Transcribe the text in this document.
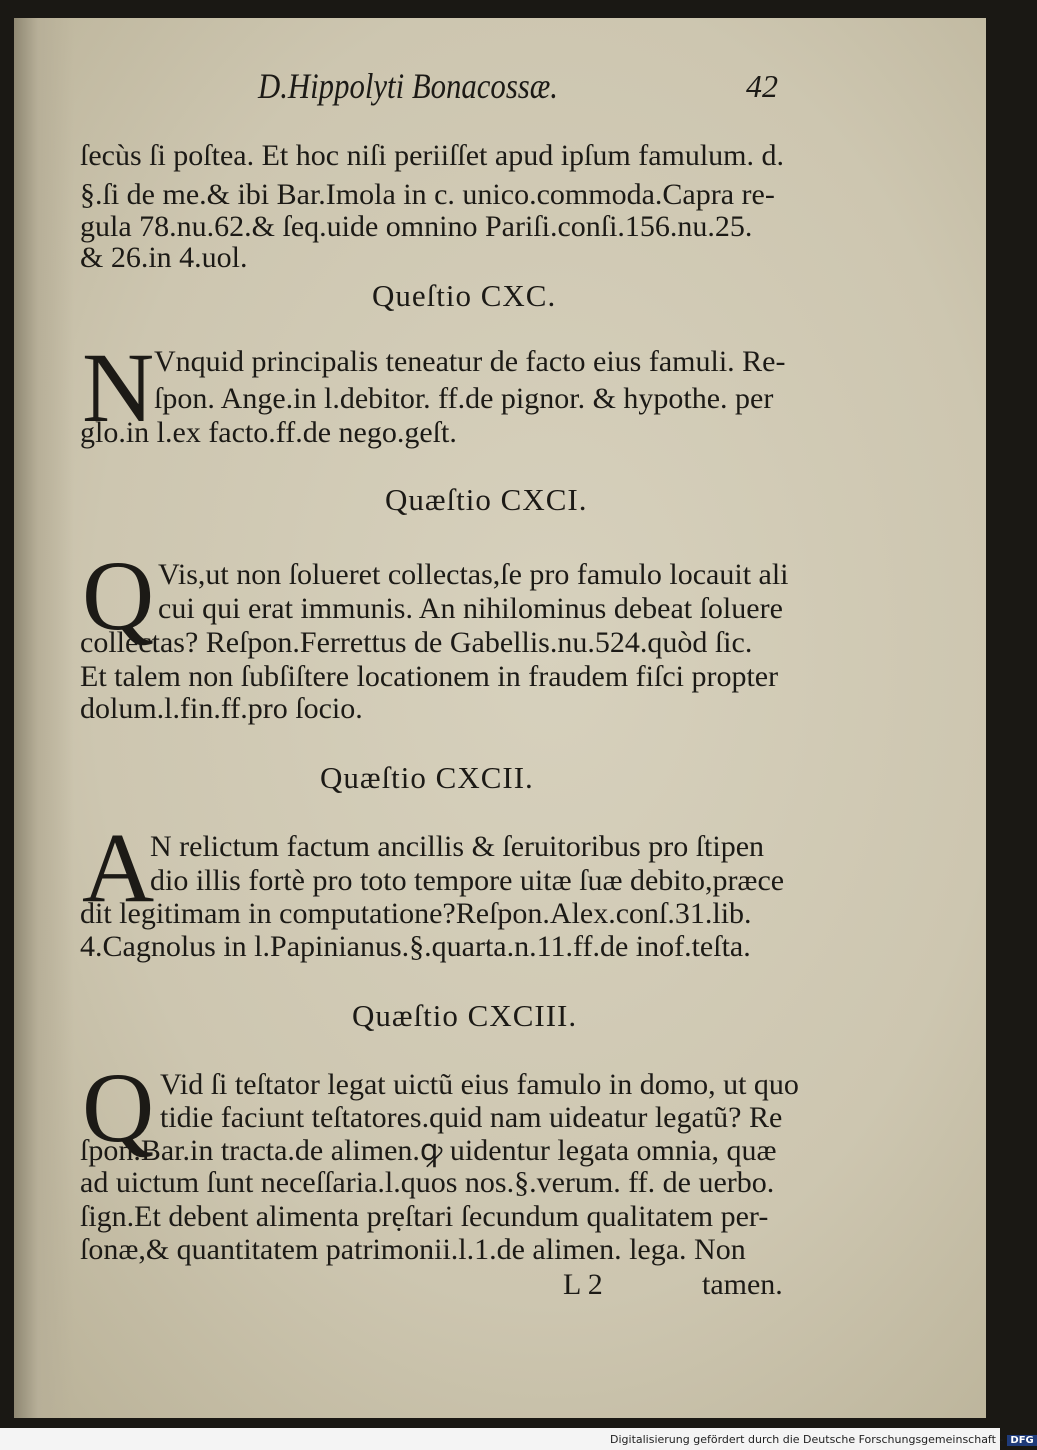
D.Hippolyti Bonacossæ.	42
ſecùs ſi poſtea. Et hoc niſi periiſſet apud ipſum famulum. d.
§.ſi de me.& ibi Bar.Imola in c. unico.commoda.Capra re-
gula 78.nu.62.& ſeq.uide omnino Pariſi.conſi.156.nu.25.
& 26.in 4.uol.
Queſtio CXC.
N Vnquid principalis teneatur de facto eius famuli. Re-
ſpon. Ange.in l.debitor. ff.de pignor. & hypothe. per
glo.in l.ex facto.ff.de nego.geſt.
Quæſtio CXCI.
Q Vis,ut non ſolueret collectas,ſe pro famulo locauit ali
cui qui erat immunis. An nihilominus debeat ſoluere
collectas? Reſpon.Ferrettus de Gabellis.nu.524.quòd ſic.
Et talem non ſubſiſtere locationem in fraudem fiſci propter
dolum.l.fin.ff.pro ſocio.
Quæſtio CXCII.
A
N relictum factum ancillis & ſeruitoribus pro ſtipen
dio illis fortè pro toto tempore uitæ ſuæ debito,præce
dit legitimam in computatione?Reſpon.Alex.conſ.31.lib.
4.Cagnolus in l.Papinianus.§.quarta.n.11.ff.de inof.teſta.
Quæſtio CXCIII.
Q Vid ſi teſtator legat uictũ eius famulo in domo, ut quo
tidie faciunt teſtatores.quid nam uideatur legatũ? Re
ſpon.Bar.in tracta.de alimen.ꝙ uidentur legata omnia, quæ
ad uictum ſunt neceſſaria.l.quos nos.§.verum. ff. de uerbo.
ſign.Et debent alimenta prẹſtari ſecundum qualitatem per-
ſonæ,& quantitatem patrimonii.l.1.de alimen. lega. Non
L 2	tamen.
Digitalisierung gefördert durch die Deutsche Forschungsgemeinschaft - DFG
